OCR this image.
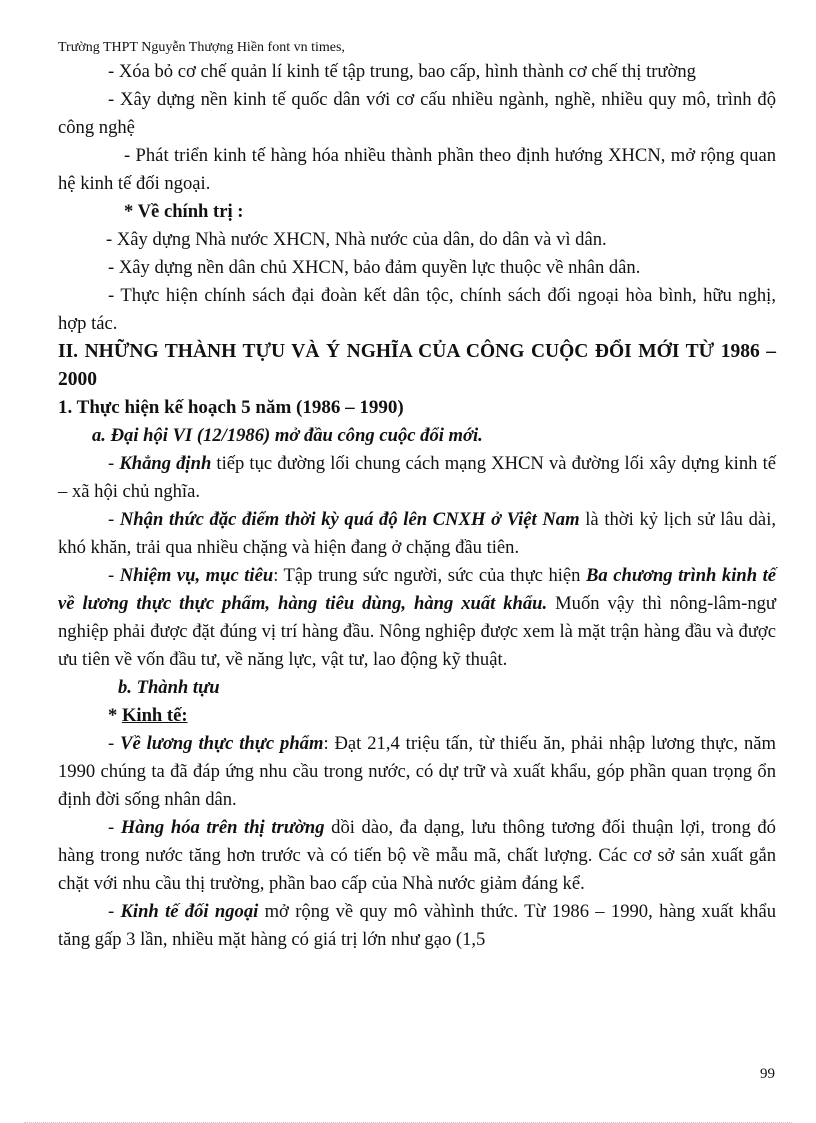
Trường THPT Nguyễn Thượng Hiền font vn times,

- Xóa bỏ cơ chế quản lí kinh tế tập trung, bao cấp, hình thành cơ chế thị trường

- Xây dựng nền kinh tế quốc dân với cơ cấu nhiều ngành, nghề, nhiều quy mô, trình độ công nghệ

- Phát triển kinh tế hàng hóa nhiều thành phần theo định hướng XHCN, mở rộng quan hệ kinh tế đối ngoại.

* Về chính trị :

- Xây dựng Nhà nước XHCN, Nhà nước của dân, do dân và vì dân.

- Xây dựng nền dân chủ XHCN, bảo đảm quyền lực thuộc về nhân dân.

- Thực hiện chính sách đại đoàn kết dân tộc, chính sách đối ngoại hòa bình, hữu nghị, hợp tác.

II. NHỮNG THÀNH TỰU VÀ Ý NGHĨA CỦA CÔNG CUỘC ĐỔI MỚI TỪ 1986 – 2000

1. Thực hiện kế hoạch 5 năm (1986 – 1990)

a. Đại hội VI (12/1986) mở đầu công cuộc đổi mới.

- Khẳng định tiếp tục đường lối chung cách mạng XHCN và đường lối xây dựng kinh tế – xã hội chủ nghĩa.

- Nhận thức đặc điểm thời kỳ quá độ lên CNXH ở Việt Nam là thời kỷ lịch sử lâu dài, khó khăn, trải qua nhiều chặng và hiện đang ở chặng đầu tiên.

- Nhiệm vụ, mục tiêu: Tập trung sức người, sức của thực hiện Ba chương trình kinh tế về lương thực thực phẩm, hàng tiêu dùng, hàng xuất khẩu. Muốn vậy thì nông-lâm-ngư nghiệp phải được đặt đúng vị trí hàng đầu. Nông nghiệp được xem là mặt trận hàng đầu và được ưu tiên về vốn đầu tư, về năng lực, vật tư, lao động kỹ thuật.

b. Thành tựu

* Kinh tế:

- Về lương thực thực phẩm: Đạt 21,4 triệu tấn, từ thiếu ăn, phải nhập lương thực, năm 1990 chúng ta đã đáp ứng nhu cầu trong nước, có dự trữ và xuất khẩu, góp phần quan trọng ổn định đời sống nhân dân.

- Hàng hóa trên thị trường dồi dào, đa dạng, lưu thông tương đối thuận lợi, trong đó hàng trong nước tăng hơn trước và có tiến bộ về mẫu mã, chất lượng. Các cơ sở sản xuất gắn chặt với nhu cầu thị trường, phần bao cấp của Nhà nước giảm đáng kể.

- Kinh tế đối ngoại mở rộng về quy mô vàhình thức. Từ 1986 – 1990, hàng xuất khẩu tăng gấp 3 lần, nhiều mặt hàng có giá trị lớn như gạo (1,5

99
